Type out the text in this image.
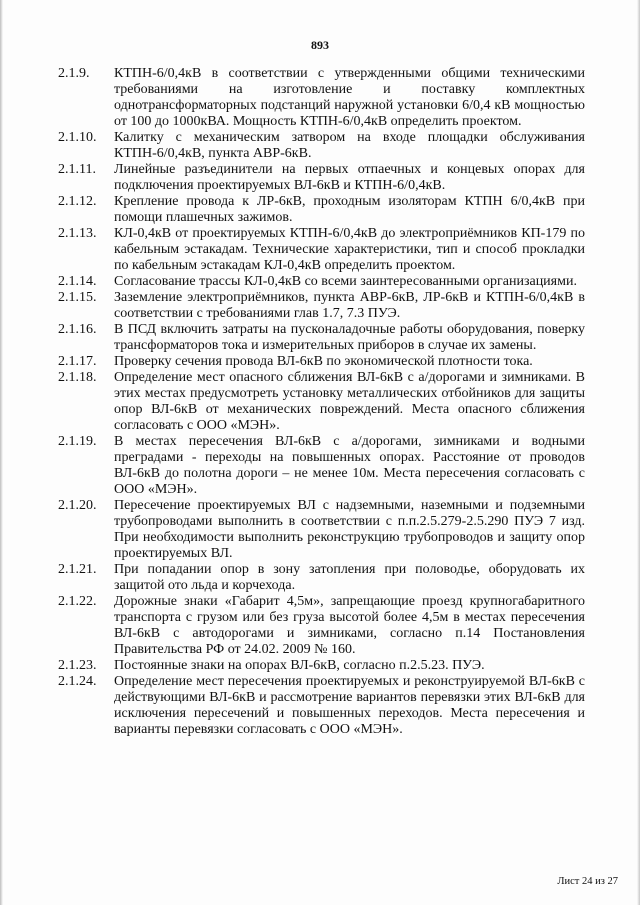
893
2.1.9.	КТПН-6/0,4кВ в соответствии с утвержденными общими техническими требованиями на изготовление и поставку комплектных однотрансформаторных подстанций наружной установки 6/0,4 кВ мощностью от 100 до 1000кВА. Мощность КТПН-6/0,4кВ определить проектом.

2.1.10.	Калитку с механическим затвором на входе площадки обслуживания КТПН-6/0,4кВ, пункта АВР-6кВ.

2.1.11.	Линейные разъединители на первых отпаечных и концевых опорах для подключения проектируемых ВЛ-6кВ и КТПН-6/0,4кВ.

2.1.12.	Крепление провода к ЛР-6кВ, проходным изоляторам КТПН 6/0,4кВ при помощи плашечных зажимов.

2.1.13.	КЛ-0,4кВ от проектируемых КТПН-6/0,4кВ до электроприёмников КП-179 по кабельным эстакадам. Технические характеристики, тип и способ прокладки по кабельным эстакадам КЛ-0,4кВ определить проектом.

2.1.14.	Согласование трассы КЛ-0,4кВ со всеми заинтересованными организациями.

2.1.15.	Заземление электроприёмников, пункта АВР-6кВ, ЛР-6кВ и КТПН-6/0,4кВ в соответствии с требованиями глав 1.7, 7.3 ПУЭ.

2.1.16.	В ПСД включить затраты на пусконаладочные работы оборудования, поверку трансформаторов тока и измерительных приборов в случае их замены.

2.1.17.	Проверку сечения провода ВЛ-6кВ по экономической плотности тока.

2.1.18.	Определение мест опасного сближения ВЛ-6кВ с а/дорогами и зимниками. В этих местах предусмотреть установку металлических отбойников для защиты опор ВЛ-6кВ от механических повреждений. Места опасного сближения согласовать с ООО «МЭН».

2.1.19.	В местах пересечения ВЛ-6кВ с а/дорогами, зимниками и водными преградами - переходы на повышенных опорах. Расстояние от проводов ВЛ-6кВ до полотна дороги – не менее 10м. Места пересечения согласовать с ООО «МЭН».

2.1.20.	Пересечение проектируемых ВЛ с надземными, наземными и подземными трубопроводами выполнить в соответствии с п.п.2.5.279-2.5.290 ПУЭ 7 изд. При необходимости выполнить реконструкцию трубопроводов и защиту опор проектируемых ВЛ.

2.1.21.	При попадании опор в зону затопления при половодье, оборудовать их защитой ото льда и корчехода.

2.1.22.	Дорожные знаки «Габарит 4,5м», запрещающие проезд крупногабаритного транспорта с грузом или без груза высотой более 4,5м в местах пересечения ВЛ-6кВ с автодорогами и зимниками, согласно п.14 Постановления Правительства РФ от 24.02. 2009 № 160.

2.1.23.	Постоянные знаки на опорах ВЛ-6кВ, согласно п.2.5.23. ПУЭ.

2.1.24.	Определение мест пересечения проектируемых и реконструируемой ВЛ-6кВ с действующими ВЛ-6кВ и рассмотрение вариантов перевязки этих ВЛ-6кВ для исключения пересечений и повышенных переходов. Места пересечения и варианты перевязки согласовать с ООО «МЭН».

Лист 24 из 27
